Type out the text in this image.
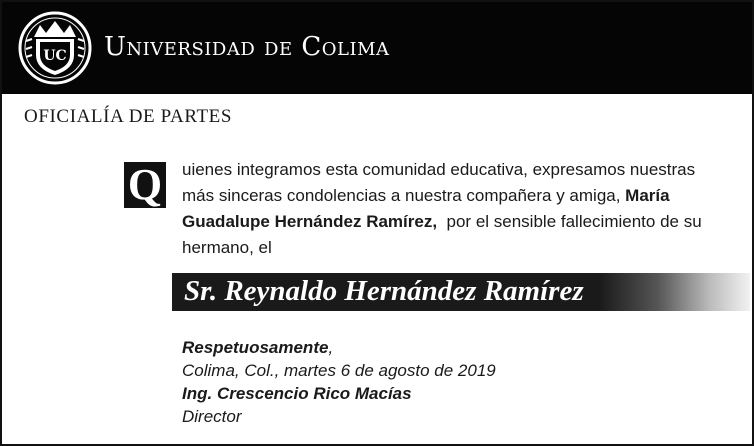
UC Universidad de Colima
OFICIALÍA DE PARTES
Q uienes integramos esta comunidad educativa, expresamos nuestras más sinceras condolencias a nuestra compañera y amiga, María Guadalupe Hernández Ramírez,  por el sensible fallecimiento de su hermano, el

Sr. Reynaldo Hernández Ramírez
Respetuosamente,
Colima, Col., martes 6 de agosto de 2019
Ing. Crescencio Rico Macías
Director
